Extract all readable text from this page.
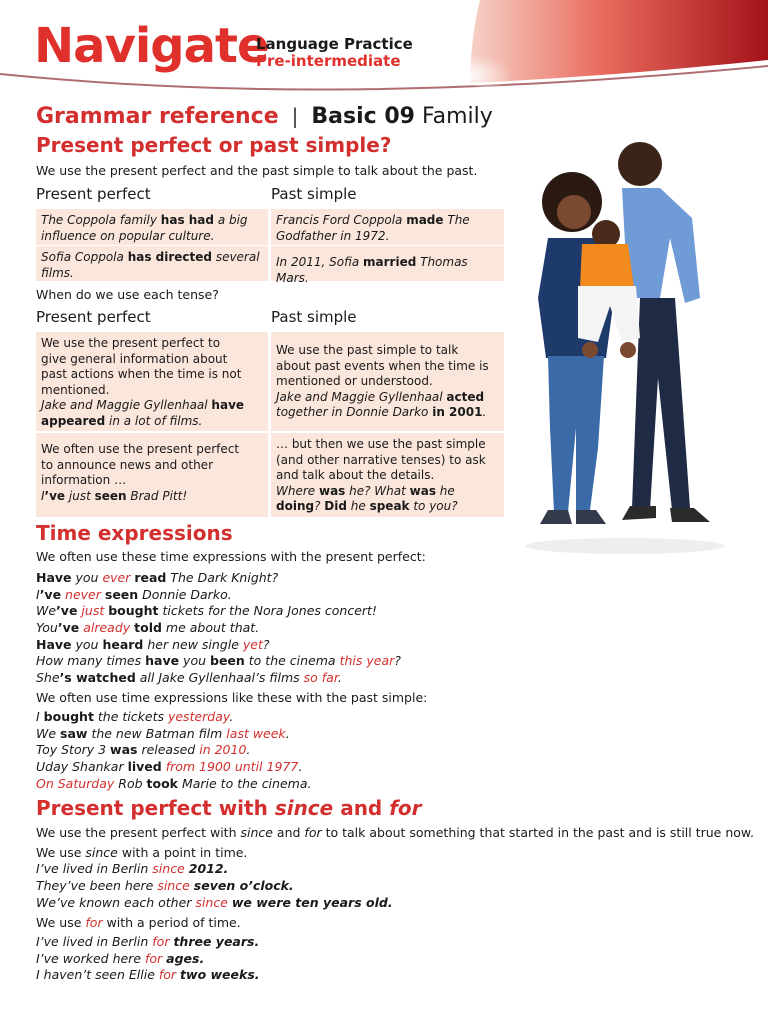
Navigate
Language Practice
Pre-intermediate
Grammar reference | Basic 09 Family
Present perfect or past simple?
We use the present perfect and the past simple to talk about the past.
Present perfect	Past simple
The Coppola family has had a big influence on popular culture.
Francis Ford Coppola made The Godfather in 1972.
Sofia Coppola has directed several films.
In 2011, Sofia married Thomas Mars.
When do we use each tense?
Present perfect	Past simple
We use the present perfect to give general information about past actions when the time is not mentioned.
Jake and Maggie Gyllenhaal have appeared in a lot of films.
We use the past simple to talk about past events when the time is mentioned or understood.
Jake and Maggie Gyllenhaal acted together in Donnie Darko in 2001.
We often use the present perfect to announce news and other information …
I’ve just seen Brad Pitt!
… but then we use the past simple (and other narrative tenses) to ask and talk about the details.
Where was he? What was he doing? Did he speak to you?
Time expressions
We often use these time expressions with the present perfect:
Have you ever read The Dark Knight?
I’ve never seen Donnie Darko.
We’ve just bought tickets for the Nora Jones concert!
You’ve already told me about that.
Have you heard her new single yet?
How many times have you been to the cinema this year?
She’s watched all Jake Gyllenhaal’s films so far.
We often use time expressions like these with the past simple:
I bought the tickets yesterday.
We saw the new Batman film last week.
Toy Story 3 was released in 2010.
Uday Shankar lived from 1900 until 1977.
On Saturday Rob took Marie to the cinema.
Present perfect with since and for
We use the present perfect with since and for to talk about something that started in the past and is still true now.
We use since with a point in time.
I’ve lived in Berlin since 2012.
They’ve been here since seven o’clock.
We’ve known each other since we were ten years old.
We use for with a period of time.
I’ve lived in Berlin for three years.
I’ve worked here for ages.
I haven’t seen Ellie for two weeks.
